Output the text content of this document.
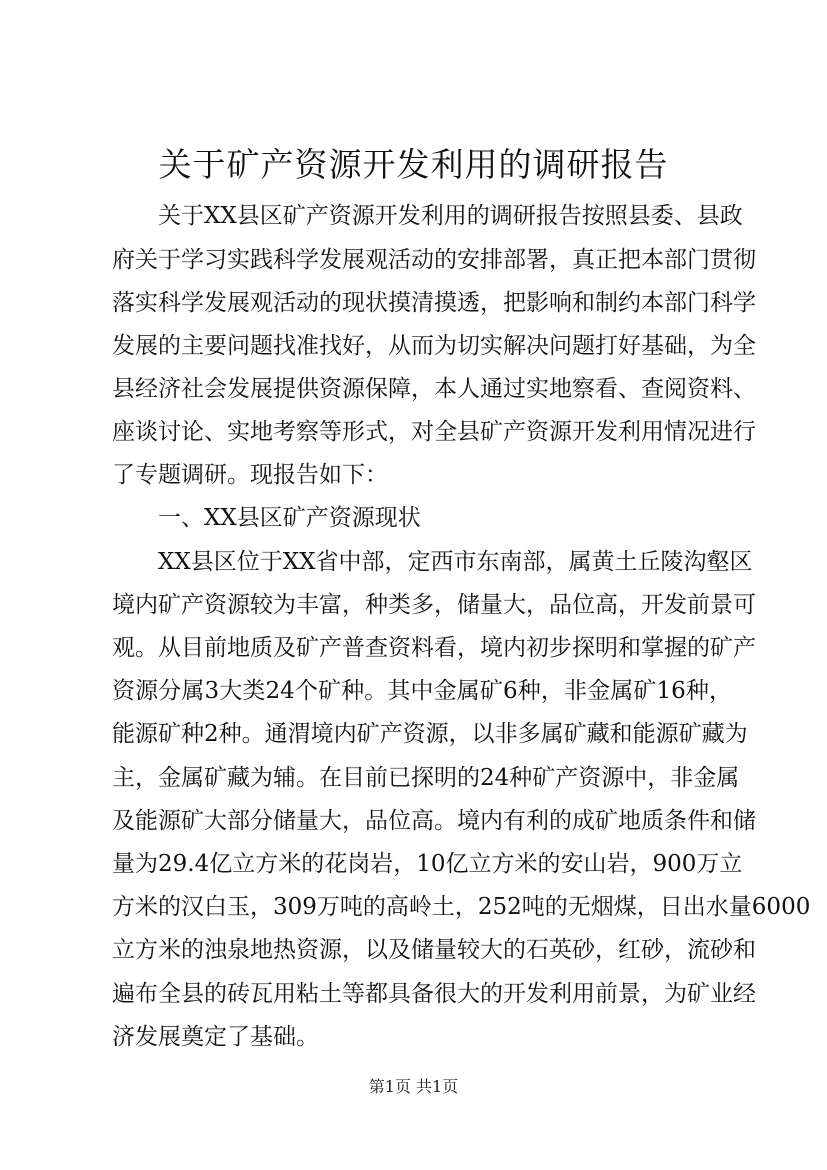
关于矿产资源开发利用的调研报告
关于XX县区矿产资源开发利用的调研报告按照县委、县政
府关于学习实践科学发展观活动的安排部署，真正把本部门贯彻
落实科学发展观活动的现状摸清摸透，把影响和制约本部门科学
发展的主要问题找准找好，从而为切实解决问题打好基础，为全
县经济社会发展提供资源保障，本人通过实地察看、查阅资料、
座谈讨论、实地考察等形式，对全县矿产资源开发利用情况进行
了专题调研。现报告如下：
一、XX县区矿产资源现状
XX县区位于XX省中部，定西市东南部，属黄土丘陵沟壑区
境内矿产资源较为丰富，种类多，储量大，品位高，开发前景可
观。从目前地质及矿产普查资料看，境内初步探明和掌握的矿产
资源分属3大类24个矿种。其中金属矿6种，非金属矿16种，
能源矿种2种。通渭境内矿产资源，以非多属矿藏和能源矿藏为
主，金属矿藏为辅。在目前已探明的24种矿产资源中，非金属
及能源矿大部分储量大，品位高。境内有利的成矿地质条件和储
量为29.4亿立方米的花岗岩，10亿立方米的安山岩，900万立
方米的汉白玉，309万吨的高岭土，252吨的无烟煤，日出水量6000
立方米的浊泉地热资源，以及储量较大的石英砂，红砂，流砂和
遍布全县的砖瓦用粘土等都具备很大的开发利用前景，为矿业经
济发展奠定了基础。
第1页 共1页
